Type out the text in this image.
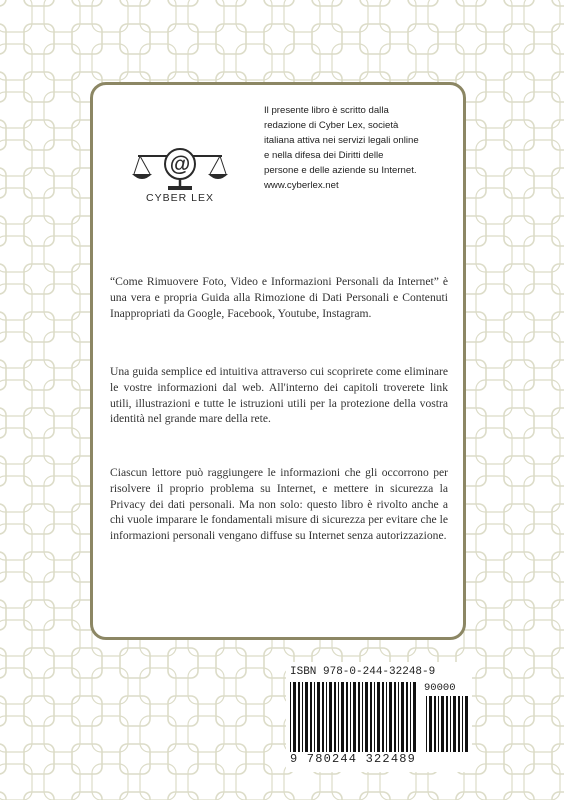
@
CYBER LEX
Il presente libro è scritto dalla
redazione di Cyber Lex, società
italiana attiva nei servizi legali online
e nella difesa dei Diritti delle
persone e delle aziende su Internet.
www.cyberlex.net

“Come Rimuovere Foto, Video e Informazioni Personali da Internet” è una vera e propria Guida alla Rimozione di Dati Personali e Contenuti Inappropriati da Google, Facebook, Youtube, Instagram.

Una guida semplice ed intuitiva attraverso cui scoprirete come eliminare le vostre informazioni dal web. All'interno dei capitoli troverete link utili, illustrazioni e tutte le istruzioni utili per la protezione della vostra identità nel grande mare della rete.

Ciascun lettore può raggiungere le informazioni che gli occorrono per risolvere il proprio problema su Internet, e mettere in sicurezza la Privacy dei dati personali. Ma non solo: questo libro è rivolto anche a chi vuole imparare le fondamentali misure di sicurezza per evitare che le informazioni personali vengano diffuse su Internet senza autorizzazione.

ISBN 978-0-244-32248-9

90000

9 780244 322489
